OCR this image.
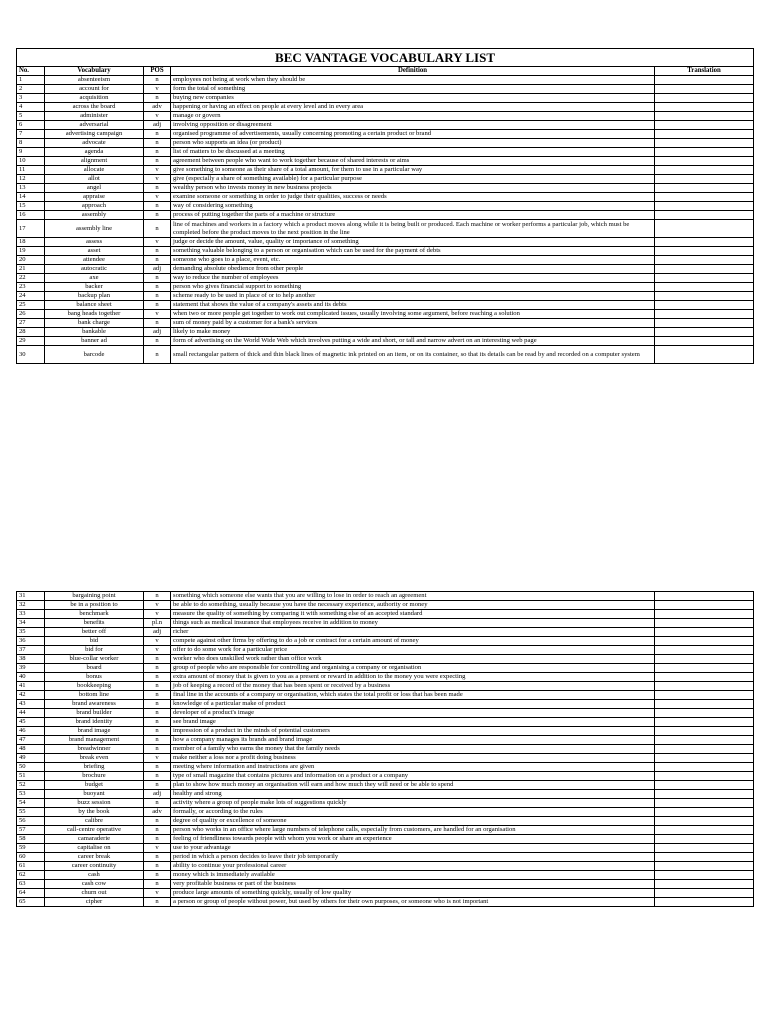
BEC VANTAGE VOCABULARY LIST				
No.	Vocabulary	POS	Definition	Translation
1	absenteeism	n	employees not being at work when they should be	
2	account for	v	form the total of something	
3	acquisition	n	buying new companies	
4	across the board	adv	happening or having an effect on people at every level and in every area	
5	administer	v	manage or govern	
6	adversarial	adj	involving opposition or disagreement	
7	advertising campaign	n	organised programme of advertisements, usually concerning promoting a certain product or brand	
8	advocate	n	person who supports an idea (or product)	
9	agenda	n	list of matters to be discussed at a meeting	
10	alignment	n	agreement between people who want to work together because of shared interests or aims	
11	allocate	v	give something to someone as their share of a total amount, for them to use in a particular way	
12	allot	v	give (especially a share of something available) for a particular purpose	
13	angel	n	wealthy person who invests money in new business projects	
14	appraise	v	examine someone or something in order to judge their qualities, success or needs	
15	approach	n	way of considering something	
16	assembly	n	process of putting together the parts of a machine or structure	
17	assembly line	n	line of machines and workers in a factory which a product moves along while it is being built or produced. Each machine or worker performs a particular job, which must be completed before the product moves to the next position in the line	
18	assess	v	judge or decide the amount, value, quality or importance of something	
19	asset	n	something valuable belonging to a person or organisation which can be used for the payment of debts	
20	attendee	n	someone who goes to a place, event, etc.	
21	autocratic	adj	demanding absolute obedience from other people	
22	axe	n	way to reduce the number of employees	
23	backer	n	person who gives financial support to something	
24	backup plan	n	scheme ready to be used in place of or to help another	
25	balance sheet	n	statement that shows the value of a company's assets and its debts	
26	bang heads together	v	when two or more people get together to work out complicated issues, usually involving some argument, before reaching a solution	
27	bank charge	n	sum of money paid by a customer for a bank's services	
28	bankable	adj	likely to make money	
29	banner ad	n	form of advertising on the World Wide Web which involves putting a wide and short, or tall and narrow advert on an interesting web page	
30	barcode	n	small rectangular pattern of thick and thin black lines of magnetic ink printed on an item, or on its container, so that its details can be read by and recorded on a computer system	
31	bargaining point	n	something which someone else wants that you are willing to lose in order to reach an agreement	
32	be in a position to	v	be able to do something, usually because you have the necessary experience, authority or money	
33	benchmark	v	measure the quality of something by comparing it with something else of an accepted standard	
34	benefits	pl.n	things such as medical insurance that employees receive in addition to money	
35	better off	adj	richer	
36	bid	v	compete against other firms by offering to do a job or contract for a certain amount of money	
37	bid for	v	offer to do some work for a particular price	
38	blue-collar worker	n	worker who does unskilled work rather than office work	
39	board	n	group of people who are responsible for controlling and organising a company or organisation	
40	bonus	n	extra amount of money that is given to you as a present or reward in addition to the money you were expecting	
41	bookkeeping	n	job of keeping a record of the money that has been spent or received by a business	
42	bottom line	n	final line in the accounts of a company or organisation, which states the total profit or loss that has been made	
43	brand awareness	n	knowledge of a particular make of product	
44	brand builder	n	developer of a product's image	
45	brand identity	n	see brand image	
46	brand image	n	impression of a product in the minds of potential customers	
47	brand management	n	how a company manages its brands and brand image	
48	breadwinner	n	member of a family who earns the money that the family needs	
49	break even	v	make neither a loss nor a profit doing business	
50	briefing	n	meeting where information and instructions are given	
51	brochure	n	type of small magazine that contains pictures and information on a product or a company	
52	budget	n	plan to show how much money an organisation will earn and how much they will need or be able to spend	
53	buoyant	adj	healthy and strong	
54	buzz session	n	activity where a group of people make lots of suggestions quickly	
55	by the book	adv	formally, or according to the rules	
56	calibre	n	degree of quality or excellence of someone	
57	call-centre operative	n	person who works in an office where large numbers of telephone calls, especially from customers, are handled for an organisation	
58	camaraderie	n	feeling of friendliness towards people with whom you work or share an experience	
59	capitalise on	v	use to your advantage	
60	career break	n	period in which a person decides to leave their job temporarily	
61	career continuity	n	ability to continue your professional career	
62	cash	n	money which is immediately available	
63	cash cow	n	very profitable business or part of the business	
64	churn out	v	produce large amounts of something quickly, usually of low quality	
65	cipher	n	a person or group of people without power, but used by others for their own purposes, or someone who is not important	
